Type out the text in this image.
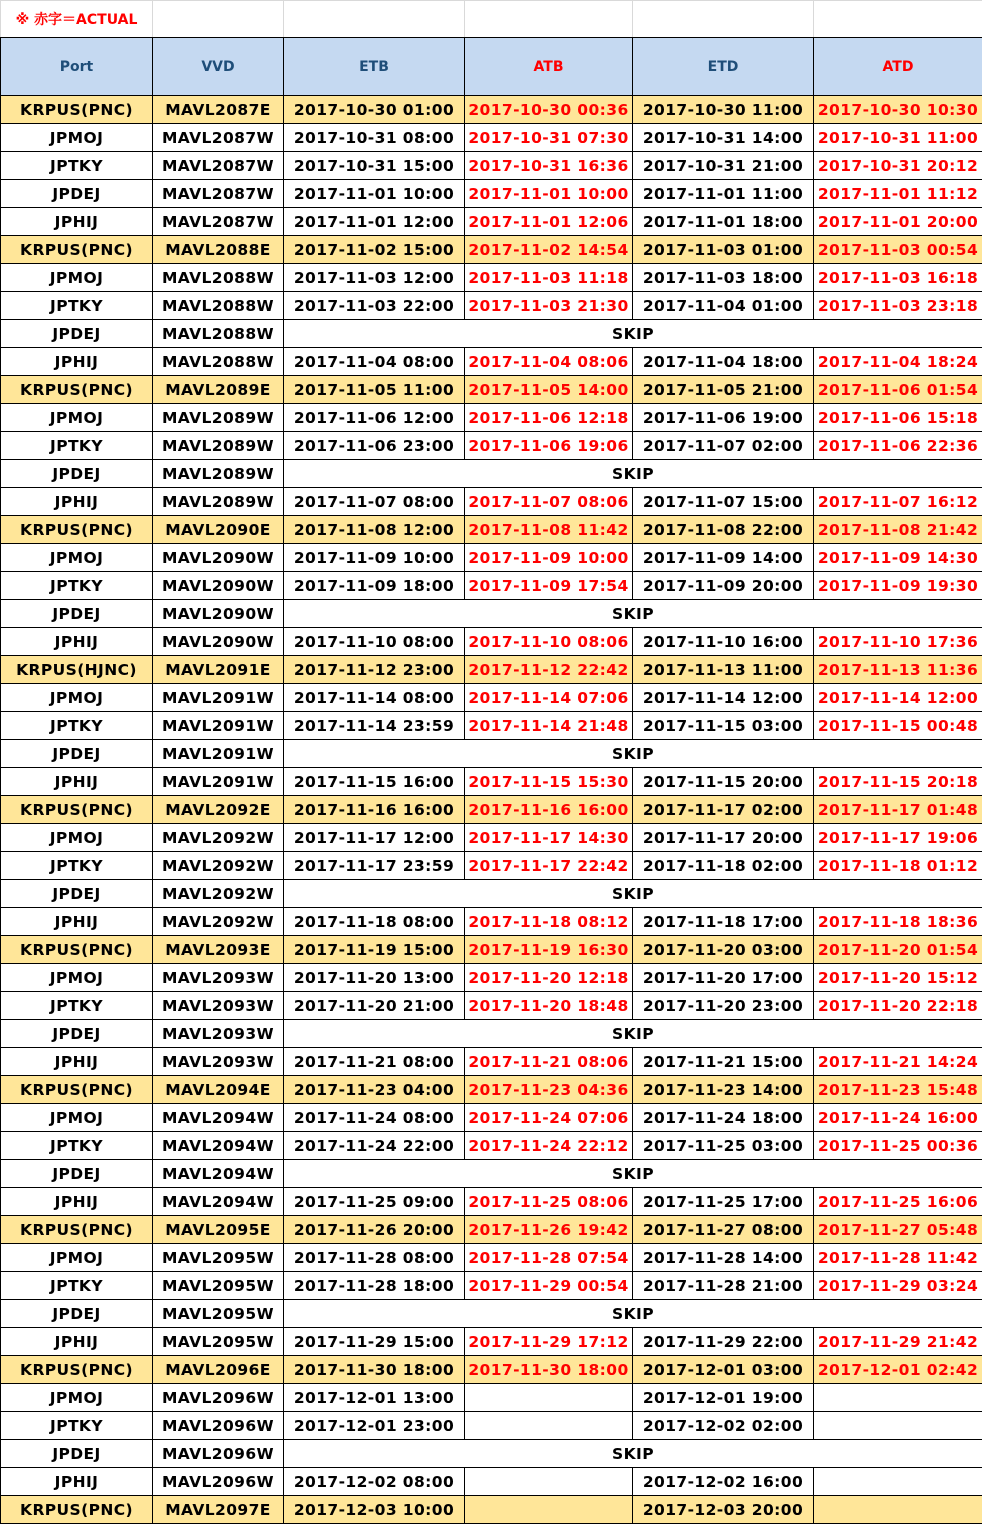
※ 赤字＝ACTUAL					
Port	VVD	ETB	ATB	ETD	ATD
KRPUS(PNC)	MAVL2087E	2017-10-30 01:00	2017-10-30 00:36	2017-10-30 11:00	2017-10-30 10:30
JPMOJ	MAVL2087W	2017-10-31 08:00	2017-10-31 07:30	2017-10-31 14:00	2017-10-31 11:00
JPTKY	MAVL2087W	2017-10-31 15:00	2017-10-31 16:36	2017-10-31 21:00	2017-10-31 20:12
JPDEJ	MAVL2087W	2017-11-01 10:00	2017-11-01 10:00	2017-11-01 11:00	2017-11-01 11:12
JPHIJ	MAVL2087W	2017-11-01 12:00	2017-11-01 12:06	2017-11-01 18:00	2017-11-01 20:00
KRPUS(PNC)	MAVL2088E	2017-11-02 15:00	2017-11-02 14:54	2017-11-03 01:00	2017-11-03 00:54
JPMOJ	MAVL2088W	2017-11-03 12:00	2017-11-03 11:18	2017-11-03 18:00	2017-11-03 16:18
JPTKY	MAVL2088W	2017-11-03 22:00	2017-11-03 21:30	2017-11-04 01:00	2017-11-03 23:18
JPDEJ	MAVL2088W	SKIP			
JPHIJ	MAVL2088W	2017-11-04 08:00	2017-11-04 08:06	2017-11-04 18:00	2017-11-04 18:24
KRPUS(PNC)	MAVL2089E	2017-11-05 11:00	2017-11-05 14:00	2017-11-05 21:00	2017-11-06 01:54
JPMOJ	MAVL2089W	2017-11-06 12:00	2017-11-06 12:18	2017-11-06 19:00	2017-11-06 15:18
JPTKY	MAVL2089W	2017-11-06 23:00	2017-11-06 19:06	2017-11-07 02:00	2017-11-06 22:36
JPDEJ	MAVL2089W	SKIP			
JPHIJ	MAVL2089W	2017-11-07 08:00	2017-11-07 08:06	2017-11-07 15:00	2017-11-07 16:12
KRPUS(PNC)	MAVL2090E	2017-11-08 12:00	2017-11-08 11:42	2017-11-08 22:00	2017-11-08 21:42
JPMOJ	MAVL2090W	2017-11-09 10:00	2017-11-09 10:00	2017-11-09 14:00	2017-11-09 14:30
JPTKY	MAVL2090W	2017-11-09 18:00	2017-11-09 17:54	2017-11-09 20:00	2017-11-09 19:30
JPDEJ	MAVL2090W	SKIP			
JPHIJ	MAVL2090W	2017-11-10 08:00	2017-11-10 08:06	2017-11-10 16:00	2017-11-10 17:36
KRPUS(HJNC)	MAVL2091E	2017-11-12 23:00	2017-11-12 22:42	2017-11-13 11:00	2017-11-13 11:36
JPMOJ	MAVL2091W	2017-11-14 08:00	2017-11-14 07:06	2017-11-14 12:00	2017-11-14 12:00
JPTKY	MAVL2091W	2017-11-14 23:59	2017-11-14 21:48	2017-11-15 03:00	2017-11-15 00:48
JPDEJ	MAVL2091W	SKIP			
JPHIJ	MAVL2091W	2017-11-15 16:00	2017-11-15 15:30	2017-11-15 20:00	2017-11-15 20:18
KRPUS(PNC)	MAVL2092E	2017-11-16 16:00	2017-11-16 16:00	2017-11-17 02:00	2017-11-17 01:48
JPMOJ	MAVL2092W	2017-11-17 12:00	2017-11-17 14:30	2017-11-17 20:00	2017-11-17 19:06
JPTKY	MAVL2092W	2017-11-17 23:59	2017-11-17 22:42	2017-11-18 02:00	2017-11-18 01:12
JPDEJ	MAVL2092W	SKIP			
JPHIJ	MAVL2092W	2017-11-18 08:00	2017-11-18 08:12	2017-11-18 17:00	2017-11-18 18:36
KRPUS(PNC)	MAVL2093E	2017-11-19 15:00	2017-11-19 16:30	2017-11-20 03:00	2017-11-20 01:54
JPMOJ	MAVL2093W	2017-11-20 13:00	2017-11-20 12:18	2017-11-20 17:00	2017-11-20 15:12
JPTKY	MAVL2093W	2017-11-20 21:00	2017-11-20 18:48	2017-11-20 23:00	2017-11-20 22:18
JPDEJ	MAVL2093W	SKIP			
JPHIJ	MAVL2093W	2017-11-21 08:00	2017-11-21 08:06	2017-11-21 15:00	2017-11-21 14:24
KRPUS(PNC)	MAVL2094E	2017-11-23 04:00	2017-11-23 04:36	2017-11-23 14:00	2017-11-23 15:48
JPMOJ	MAVL2094W	2017-11-24 08:00	2017-11-24 07:06	2017-11-24 18:00	2017-11-24 16:00
JPTKY	MAVL2094W	2017-11-24 22:00	2017-11-24 22:12	2017-11-25 03:00	2017-11-25 00:36
JPDEJ	MAVL2094W	SKIP			
JPHIJ	MAVL2094W	2017-11-25 09:00	2017-11-25 08:06	2017-11-25 17:00	2017-11-25 16:06
KRPUS(PNC)	MAVL2095E	2017-11-26 20:00	2017-11-26 19:42	2017-11-27 08:00	2017-11-27 05:48
JPMOJ	MAVL2095W	2017-11-28 08:00	2017-11-28 07:54	2017-11-28 14:00	2017-11-28 11:42
JPTKY	MAVL2095W	2017-11-28 18:00	2017-11-29 00:54	2017-11-28 21:00	2017-11-29 03:24
JPDEJ	MAVL2095W	SKIP			
JPHIJ	MAVL2095W	2017-11-29 15:00	2017-11-29 17:12	2017-11-29 22:00	2017-11-29 21:42
KRPUS(PNC)	MAVL2096E	2017-11-30 18:00	2017-11-30 18:00	2017-12-01 03:00	2017-12-01 02:42
JPMOJ	MAVL2096W	2017-12-01 13:00		2017-12-01 19:00	
JPTKY	MAVL2096W	2017-12-01 23:00		2017-12-02 02:00	
JPDEJ	MAVL2096W	SKIP			
JPHIJ	MAVL2096W	2017-12-02 08:00		2017-12-02 16:00	
KRPUS(PNC)	MAVL2097E	2017-12-03 10:00		2017-12-03 20:00	
